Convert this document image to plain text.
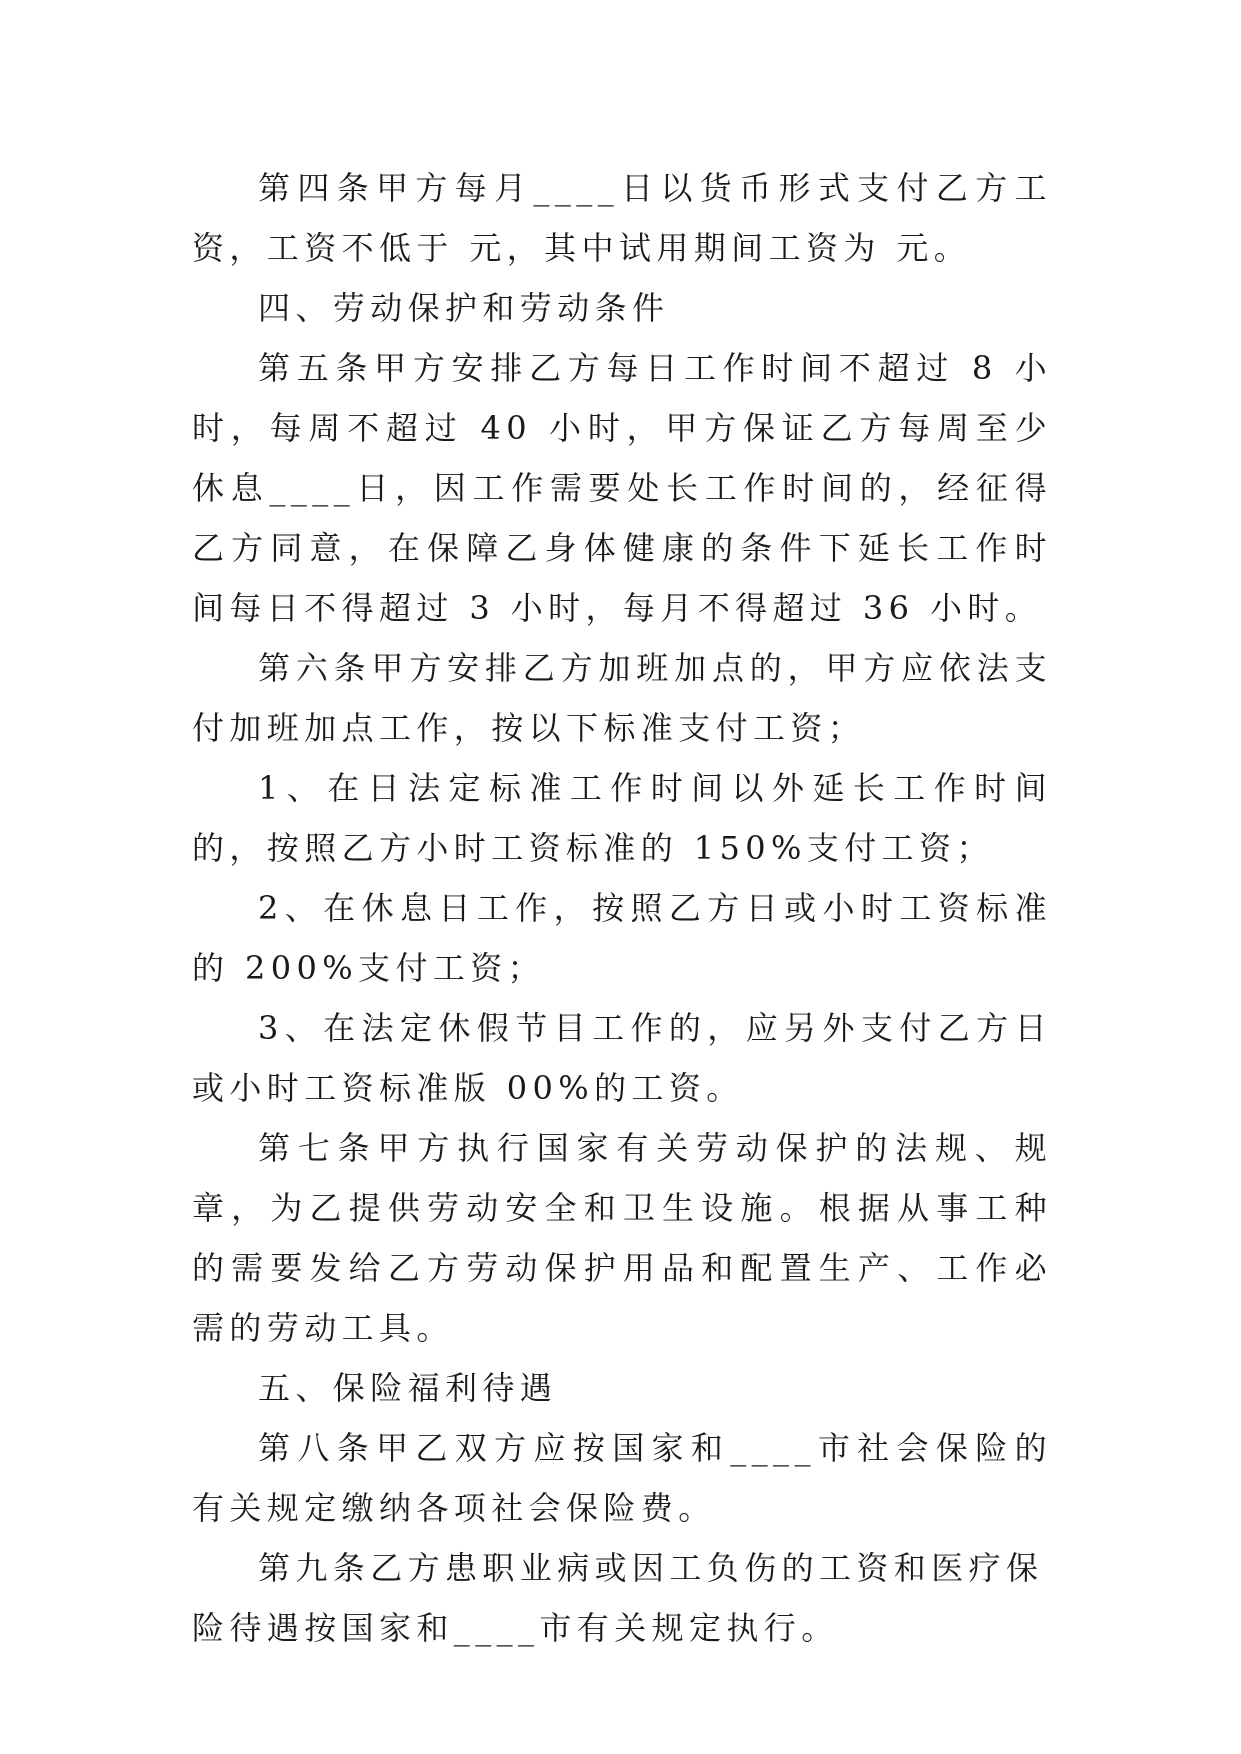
第四条甲方每月____日以货币形式支付乙方工资，工资不低于 元，其中试用期间工资为 元。

四、劳动保护和劳动条件

第五条甲方安排乙方每日工作时间不超过 8 小时，每周不超过 40 小时，甲方保证乙方每周至少休息____日，因工作需要处长工作时间的，经征得乙方同意，在保障乙身体健康的条件下延长工作时间每日不得超过 3 小时，每月不得超过 36 小时。

第六条甲方安排乙方加班加点的，甲方应依法支付加班加点工作，按以下标准支付工资；

1、在日法定标准工作时间以外延长工作时间的，按照乙方小时工资标准的 150%支付工资；

2、在休息日工作，按照乙方日或小时工资标准的 200%支付工资；

3、在法定休假节目工作的，应另外支付乙方日或小时工资标准版 00%的工资。

第七条甲方执行国家有关劳动保护的法规、规章，为乙提供劳动安全和卫生设施。根据从事工种的需要发给乙方劳动保护用品和配置生产、工作必需的劳动工具。

五、保险福利待遇

第八条甲乙双方应按国家和____市社会保险的有关规定缴纳各项社会保险费。

第九条乙方患职业病或因工负伤的工资和医疗保险待遇按国家和____市有关规定执行。
